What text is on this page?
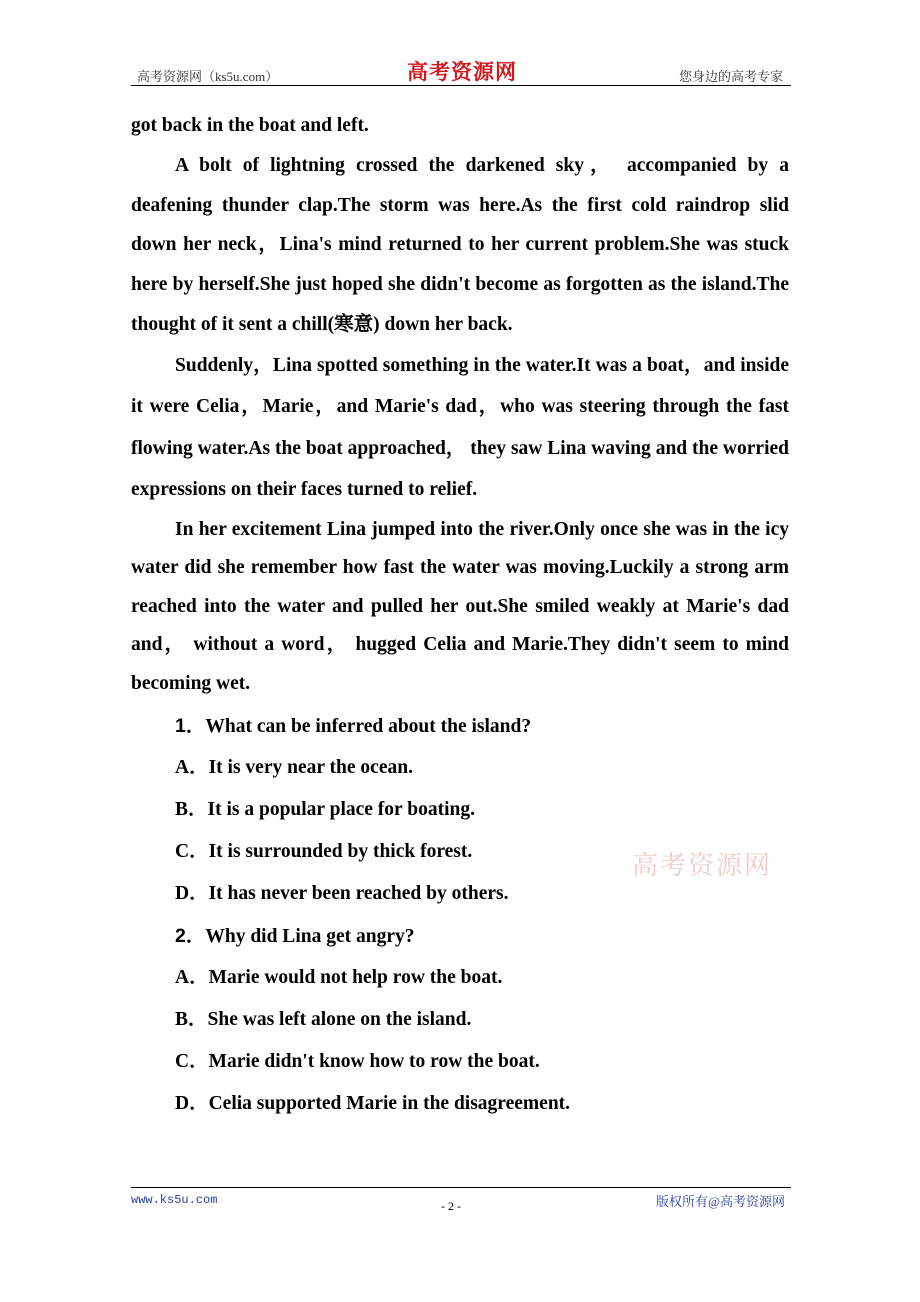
高考资源网（ks5u.com）	高考资源网	您身边的高考专家

got back in the boat and left.

A bolt of lightning crossed the darkened sky， accompanied by a deafening thunder clap.The storm was here.As the first cold raindrop slid down her neck，Lina's mind returned to her current problem.She was stuck here by herself.She just hoped she didn't become as forgotten as the island.The thought of it sent a chill(寒意) down her back.

Suddenly，Lina spotted something in the water.It was a boat，and inside it were Celia，Marie，and Marie's dad，who was steering through the fast flowing water.As the boat approached， they saw Lina waving and the worried expressions on their faces turned to relief.

In her excitement Lina jumped into the river.Only once she was in the icy water did she remember how fast the water was moving.Luckily a strong arm reached into the water and pulled her out.She smiled weakly at Marie's dad and， without a word， hugged Celia and Marie.They didn't seem to mind becoming wet.

1．What can be inferred about the island?

A．It is very near the ocean.

B．It is a popular place for boating.

C．It is surrounded by thick forest.

D．It has never been reached by others.

2．Why did Lina get angry?

A．Marie would not help row the boat.

B．She was left alone on the island.

C．Marie didn't know how to row the boat.

D．Celia supported Marie in the disagreement.

高考资源网
www.ks5u.com	- 2 -	版权所有@高考资源网
